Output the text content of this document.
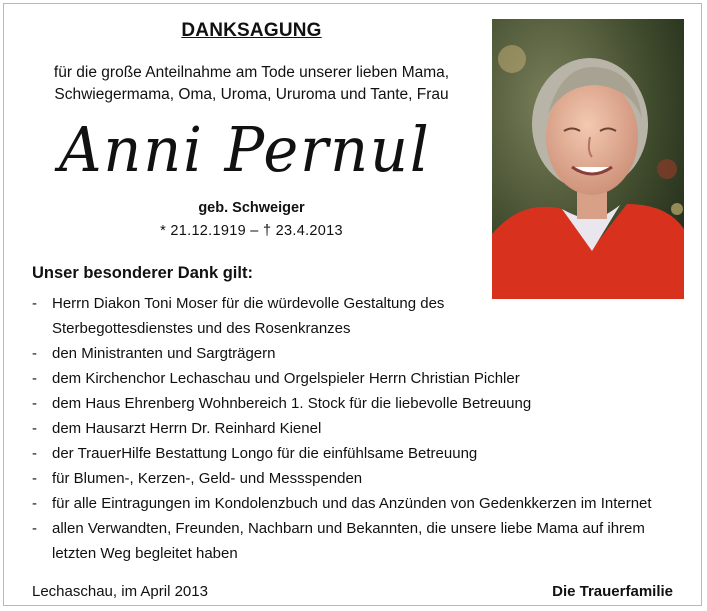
DANKSAGUNG
für die große Anteilnahme am Tode unserer lieben Mama,
Schwiegermama, Oma, Uroma, Ururoma und Tante, Frau
Anni Pernul
geb. Schweiger
* 21.12.1919 – † 23.4.2013
Unser besonderer Dank gilt:
- Herrn Diakon Toni Moser für die würdevolle Gestaltung des
Sterbegottesdienstes und des Rosenkranzes
- den Ministranten und Sargträgern
- dem Kirchenchor Lechaschau und Orgelspieler Herrn Christian Pichler
- dem Haus Ehrenberg Wohnbereich 1. Stock für die liebevolle Betreuung
- dem Hausarzt Herrn Dr. Reinhard Kienel
- der TrauerHilfe Bestattung Longo für die einfühlsame Betreuung
- für Blumen-, Kerzen-, Geld- und Messspenden
- für alle Eintragungen im Kondolenzbuch und das Anzünden von Gedenkkerzen im Internet
- allen Verwandten, Freunden, Nachbarn und Bekannten, die unsere liebe Mama auf ihrem
letzten Weg begleitet haben
Lechaschau, im April 2013	Die Trauerfamilie
